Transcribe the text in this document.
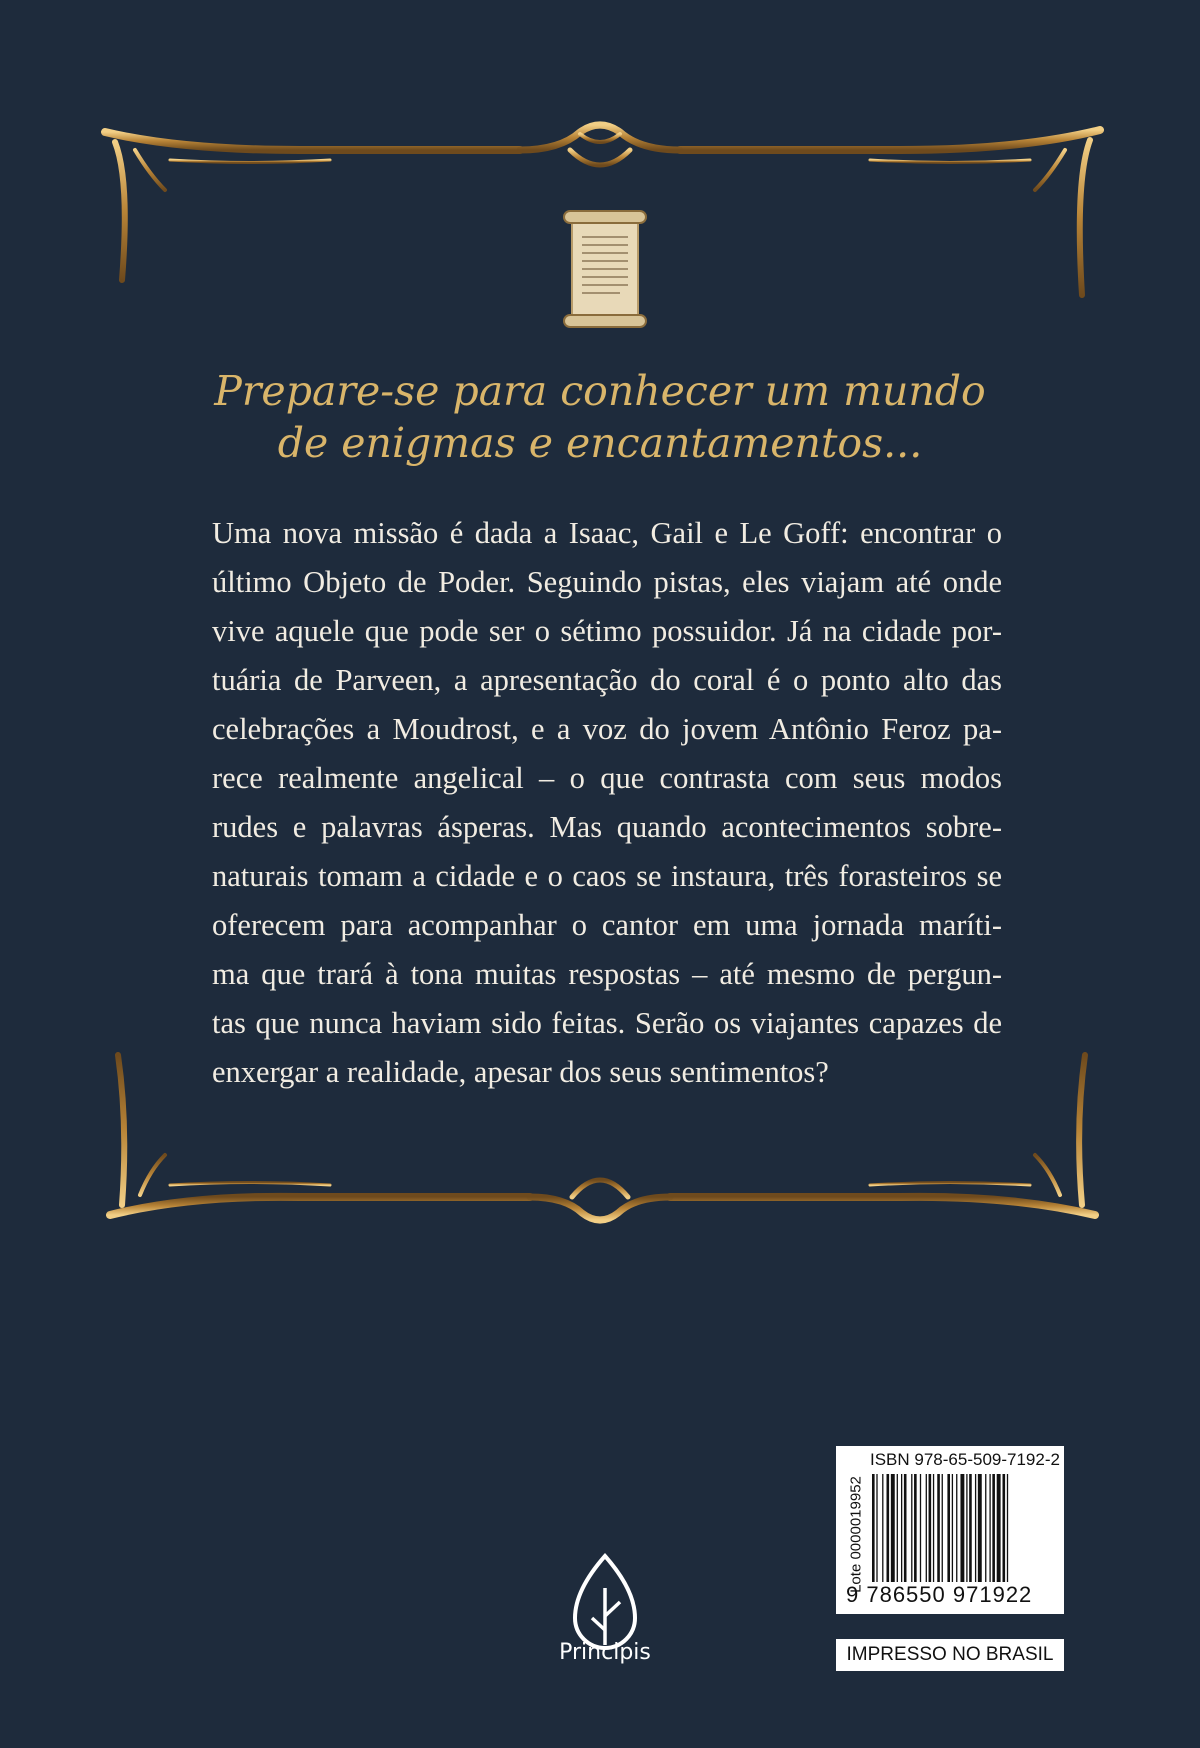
Prepare-se para conhecer um mundo
de enigmas e encantamentos...
Uma nova missão é dada a Isaac, Gail e Le Goff: encontrar o
último Objeto de Poder. Seguindo pistas, eles viajam até onde
vive aquele que pode ser o sétimo possuidor. Já na cidade por-
tuária de Parveen, a apresentação do coral é o ponto alto das
celebrações a Moudrost, e a voz do jovem Antônio Feroz pa-
rece realmente angelical – o que contrasta com seus modos
rudes e palavras ásperas. Mas quando acontecimentos sobre-
naturais tomam a cidade e o caos se instaura, três forasteiros se
oferecem para acompanhar o cantor em uma jornada maríti-
ma que trará à tona muitas respostas – até mesmo de pergun-
tas que nunca haviam sido feitas. Serão os viajantes capazes de
enxergar a realidade, apesar dos seus sentimentos?
Principis
ISBN 978-65-509-7192-2
Lote 0000019952
9 786550 971922
IMPRESSO NO BRASIL
